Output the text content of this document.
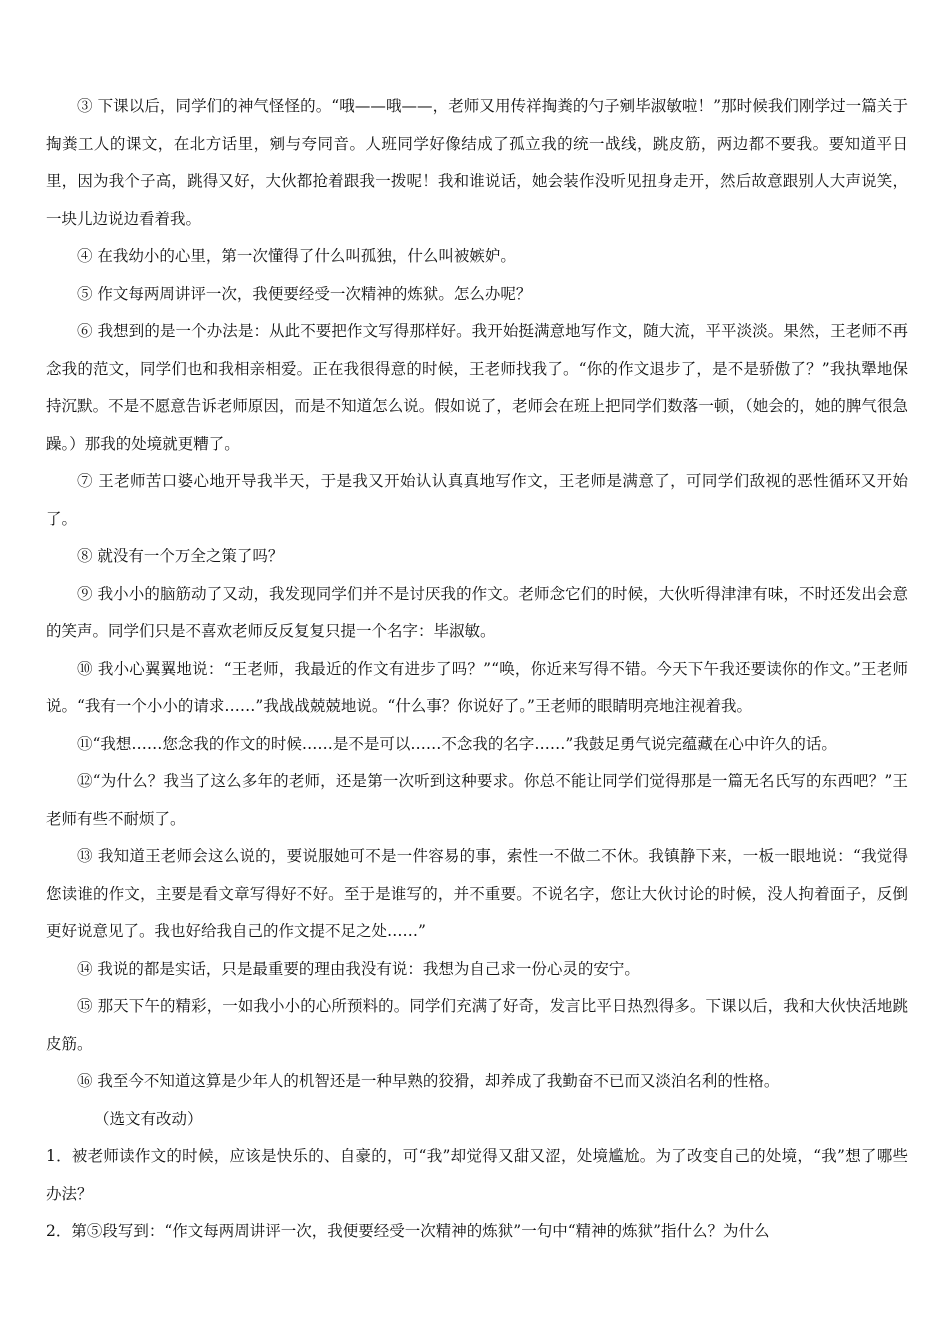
③ 下课以后，同学们的神气怪怪的。“哦——哦——，老师又用传祥掏粪的勺子剜毕淑敏啦！”那时候我们刚学过一篇关于掏粪工人的课文，在北方话里，剜与夸同音。人班同学好像结成了孤立我的统一战线，跳皮筋，两边都不要我。要知道平日里，因为我个子高，跳得又好，大伙都抢着跟我一拨呢！我和谁说话，她会装作没听见扭身走开，然后故意跟别人大声说笑，一块儿边说边看着我。

④ 在我幼小的心里，第一次懂得了什么叫孤独，什么叫被嫉妒。

⑤ 作文每两周讲评一次，我便要经受一次精神的炼狱。怎么办呢？

⑥ 我想到的是一个办法是：从此不要把作文写得那样好。我开始挺满意地写作文，随大流，平平淡淡。果然，王老师不再念我的范文，同学们也和我相亲相爱。正在我很得意的时候，王老师找我了。“你的作文退步了，是不是骄傲了？”我执犟地保持沉默。不是不愿意告诉老师原因，而是不知道怎么说。假如说了，老师会在班上把同学们数落一顿，（她会的，她的脾气很急躁。）那我的处境就更糟了。

⑦ 王老师苦口婆心地开导我半天，于是我又开始认认真真地写作文，王老师是满意了，可同学们敌视的恶性循环又开始了。

⑧ 就没有一个万全之策了吗？

⑨ 我小小的脑筋动了又动，我发现同学们并不是讨厌我的作文。老师念它们的时候，大伙听得津津有味，不时还发出会意的笑声。同学们只是不喜欢老师反反复复只提一个名字：毕淑敏。

⑩ 我小心翼翼地说：“王老师，我最近的作文有进步了吗？”“唤，你近来写得不错。今天下午我还要读你的作文。”王老师说。“我有一个小小的请求……”我战战兢兢地说。“什么事？你说好了。”王老师的眼睛明亮地注视着我。

⑪“我想……您念我的作文的时候……是不是可以……不念我的名字……”我鼓足勇气说完蕴藏在心中许久的话。

⑫“为什么？我当了这么多年的老师，还是第一次听到这种要求。你总不能让同学们觉得那是一篇无名氏写的东西吧？”王老师有些不耐烦了。

⑬ 我知道王老师会这么说的，要说服她可不是一件容易的事，索性一不做二不休。我镇静下来，一板一眼地说：“我觉得您读谁的作文，主要是看文章写得好不好。至于是谁写的，并不重要。不说名字，您让大伙讨论的时候，没人拘着面子，反倒更好说意见了。我也好给我自己的作文提不足之处……”

⑭ 我说的都是实话，只是最重要的理由我没有说：我想为自己求一份心灵的安宁。

⑮ 那天下午的精彩，一如我小小的心所预料的。同学们充满了好奇，发言比平日热烈得多。下课以后，我和大伙快活地跳皮筋。

⑯ 我至今不知道这算是少年人的机智还是一种早熟的狡猾，却养成了我勤奋不已而又淡泊名利的性格。

（选文有改动）

1．被老师读作文的时候，应该是快乐的、自豪的，可“我”却觉得又甜又涩，处境尴尬。为了改变自己的处境，“我”想了哪些办法？

2．第⑤段写到：“作文每两周讲评一次，我便要经受一次精神的炼狱”一句中“精神的炼狱”指什么？为什么
